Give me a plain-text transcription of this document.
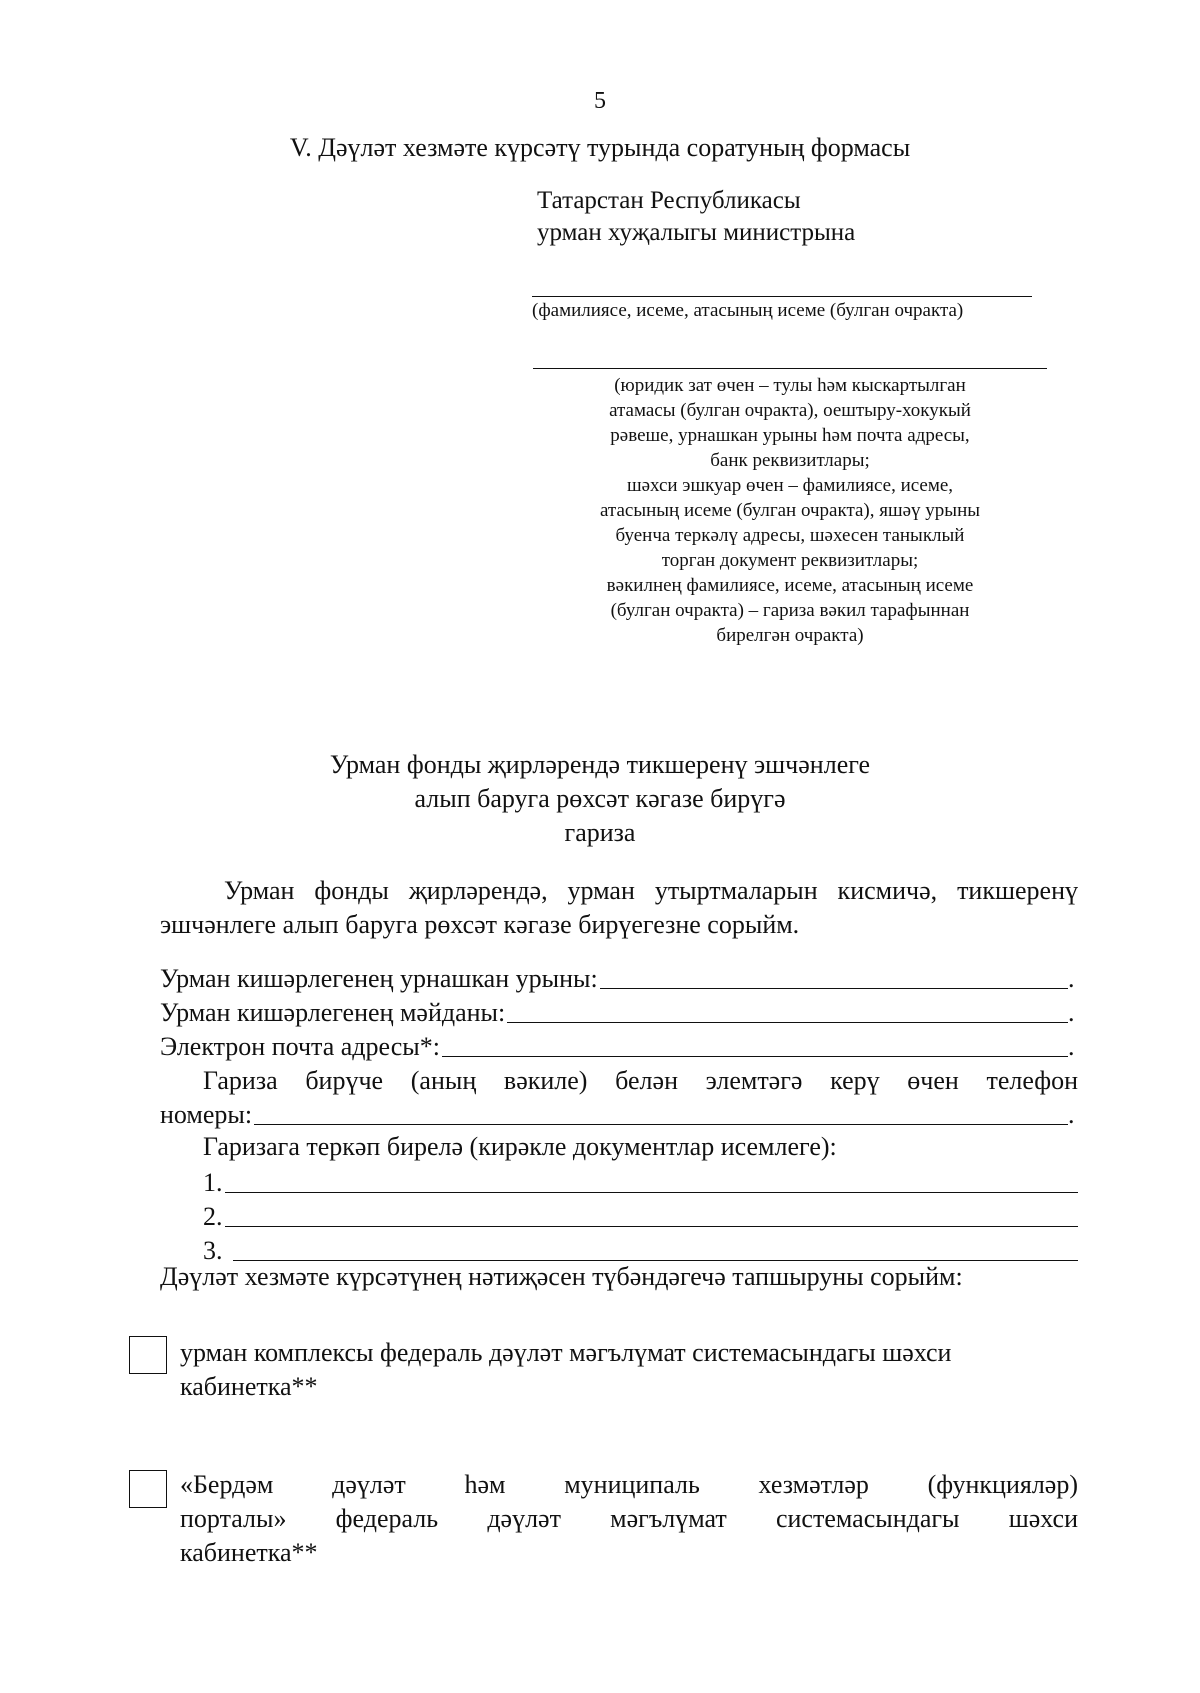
5
V. Дәүләт хезмәте күрсәтү турында соратуның формасы
Татарстан Республикасы
урман хуҗалыгы министрына
(фамилиясе, исеме, атасының исеме (булган очракта)
(юридик зат өчен – тулы һәм кыскартылган
атамасы (булган очракта), оештыру-хокукый
рәвеше, урнашкан урыны һәм почта адресы,
банк реквизитлары;
шәхси эшкуар өчен – фамилиясе, исеме,
атасының исеме (булган очракта), яшәү урыны
буенча теркәлү адресы, шәхесен таныклый
торган документ реквизитлары;
вәкилнең фамилиясе, исеме, атасының исеме
(булган очракта) – гариза вәкил тарафыннан
бирелгән очракта)
Урман фонды җирләрендә тикшеренү эшчәнлеге
алып баруга рөхсәт кәгазе бирүгә
гариза
Урман фонды җирләрендә, урман утыртмаларын кисмичә, тикшеренү эшчәнлеге алып баруга рөхсәт кәгазе бирүегезне сорыйм.
Урман кишәрлегенең урнашкан урыны:	.
Урман кишәрлегенең мәйданы:	.
Электрон почта адресы*:	.
Гариза бирүче (аның вәкиле) белән элемтәгә керү өчен телефон
номеры:	.
Гаризага теркәп бирелә (кирәкле документлар исемлеге):
1.
2.
3.
Дәүләт хезмәте күрсәтүнең нәтиҗәсен түбәндәгечә тапшыруны сорыйм:
урман комплексы федераль дәүләт мәгълүмат системасындагы шәхси
кабинетка**
«Бердәм дәүләт һәм муниципаль хезмәтләр (функцияләр)
порталы» федераль дәүләт мәгълүмат системасындагы шәхси
кабинетка**
